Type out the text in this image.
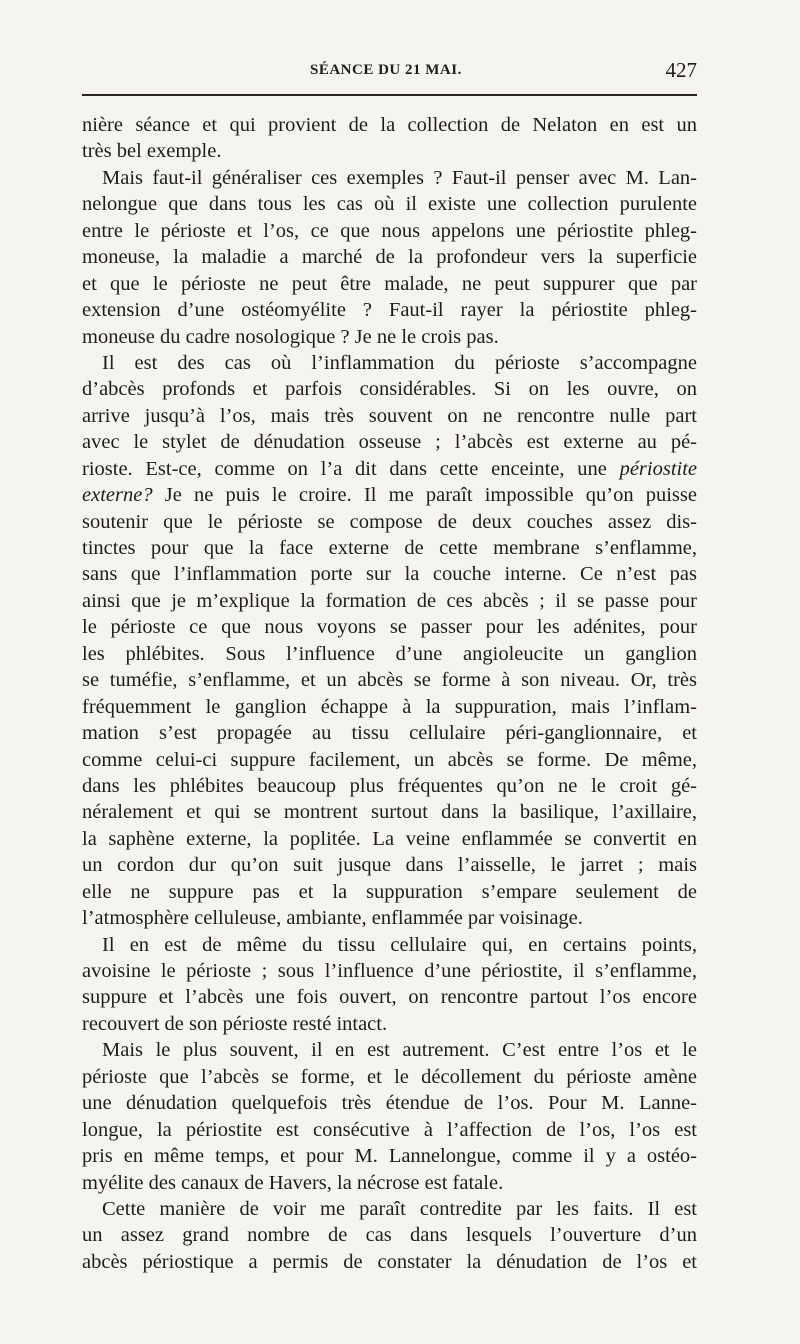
SÉANCE DU 21 MAI.	427
nière séance et qui provient de la collection de Nelaton en est un
très bel exemple.
Mais faut-il généraliser ces exemples ? Faut-il penser avec M. Lan-
nelongue que dans tous les cas où il existe une collection purulente
entre le périoste et l’os, ce que nous appelons une périostite phleg-
moneuse, la maladie a marché de la profondeur vers la superficie
et que le périoste ne peut être malade, ne peut suppurer que par
extension d’une ostéomyélite ? Faut-il rayer la périostite phleg-
moneuse du cadre nosologique ? Je ne le crois pas.
Il est des cas où l’inflammation du périoste s’accompagne
d’abcès profonds et parfois considérables. Si on les ouvre, on
arrive jusqu’à l’os, mais très souvent on ne rencontre nulle part
avec le stylet de dénudation osseuse ; l’abcès est externe au pé-
rioste. Est-ce, comme on l’a dit dans cette enceinte, une périostite
externe? Je ne puis le croire. Il me paraît impossible qu’on puisse
soutenir que le périoste se compose de deux couches assez dis-
tinctes pour que la face externe de cette membrane s’enflamme,
sans que l’inflammation porte sur la couche interne. Ce n’est pas
ainsi que je m’explique la formation de ces abcès ; il se passe pour
le périoste ce que nous voyons se passer pour les adénites, pour
les phlébites. Sous l’influence d’une angioleucite un ganglion
se tuméfie, s’enflamme, et un abcès se forme à son niveau. Or, très
fréquemment le ganglion échappe à la suppuration, mais l’inflam-
mation s’est propagée au tissu cellulaire péri-ganglionnaire, et
comme celui-ci suppure facilement, un abcès se forme. De même,
dans les phlébites beaucoup plus fréquentes qu’on ne le croit gé-
néralement et qui se montrent surtout dans la basilique, l’axillaire,
la saphène externe, la poplitée. La veine enflammée se convertit en
un cordon dur qu’on suit jusque dans l’aisselle, le jarret ; mais
elle ne suppure pas et la suppuration s’empare seulement de
l’atmosphère celluleuse, ambiante, enflammée par voisinage.
Il en est de même du tissu cellulaire qui, en certains points,
avoisine le périoste ; sous l’influence d’une périostite, il s’enflamme,
suppure et l’abcès une fois ouvert, on rencontre partout l’os encore
recouvert de son périoste resté intact.
Mais le plus souvent, il en est autrement. C’est entre l’os et le
périoste que l’abcès se forme, et le décollement du périoste amène
une dénudation quelquefois très étendue de l’os. Pour M. Lanne-
longue, la périostite est consécutive à l’affection de l’os, l’os est
pris en même temps, et pour M. Lannelongue, comme il y a ostéo-
myélite des canaux de Havers, la nécrose est fatale.
Cette manière de voir me paraît contredite par les faits. Il est
un assez grand nombre de cas dans lesquels l’ouverture d’un
abcès périostique a permis de constater la dénudation de l’os et
